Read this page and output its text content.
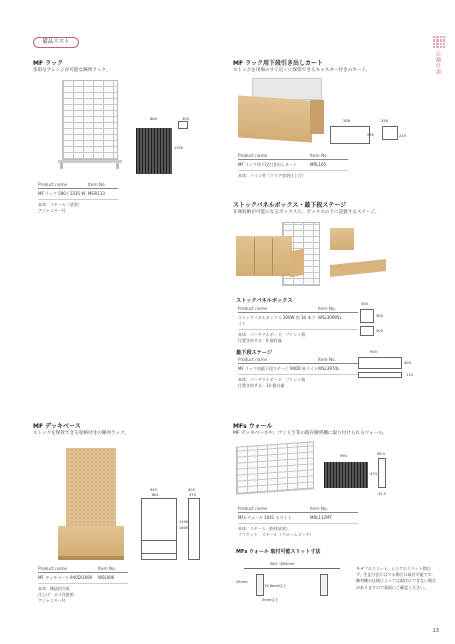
備品リスト
店舗什器
MF ラック
多彩なアレンジが可能な陳列ラック。
660	300
1350
Product name	Item No.
MF ラック 590 / 1335 W MGR113
本体：スチール（塗装）
アジャスター付
MF ラック用下段引き出しカート
ストックを用場のすぐ近くに保管できるキャスター付きのカート。
288
295
258
219
Product name	Item No.
MF ラック用下段引き出しカート	MRL105
本体：パイン材（クリア塗装仕上げ）
ストックパネルボックス・最下段ステージ
在庫収納が可能になるボックスと、ボックスの下に設置するステージ。
ストックパネルボックス
Product name	Item No.
ストックパネルボックス 300W 用 30 本ライト
WSL30995L
本体：パーチクルボード、プリント紙
仕置き的サポ：6 個付属
300
300
300
最下段ステージ
Product name	Item No.
MF ラック用最下段ステージ 900D 本ライト WSL3970L
本体：パーチクルボード、プリント紙
仕置き的サポ：14 個付属
900
300
110
MF デッキベース
ストックを保管できる収納付きの陳列ラック。
940
881
400
370
1300
1600
Product name	Item No.
MF デッキベース 940D/1690	WSL096
本体：構造用合板
仕上げ：ポリ化粧板
アジャスター付
MFs ウォール
MF デッキベースや、ゴンドラ等の既存陳列棚に取り付けられるウォール。
990
474
41.5
58.5
Product name	Item No.
MFs ウォール 1041 ホワイト	MRL112MT
本体：スチール（粉体塗装）
ブラケット：スチール（クロームメッキ）
MFs ウォール 取付可能スリット寸法
584～850mm
25mm
15.8mm以上
5mm以上
キザプルスリット、シングルスリット問わず、生記寸法にはマる場合は取付可能です。陳列棚の仕様によっては取付けできない場合がありますので事前にご確認ください。
13
